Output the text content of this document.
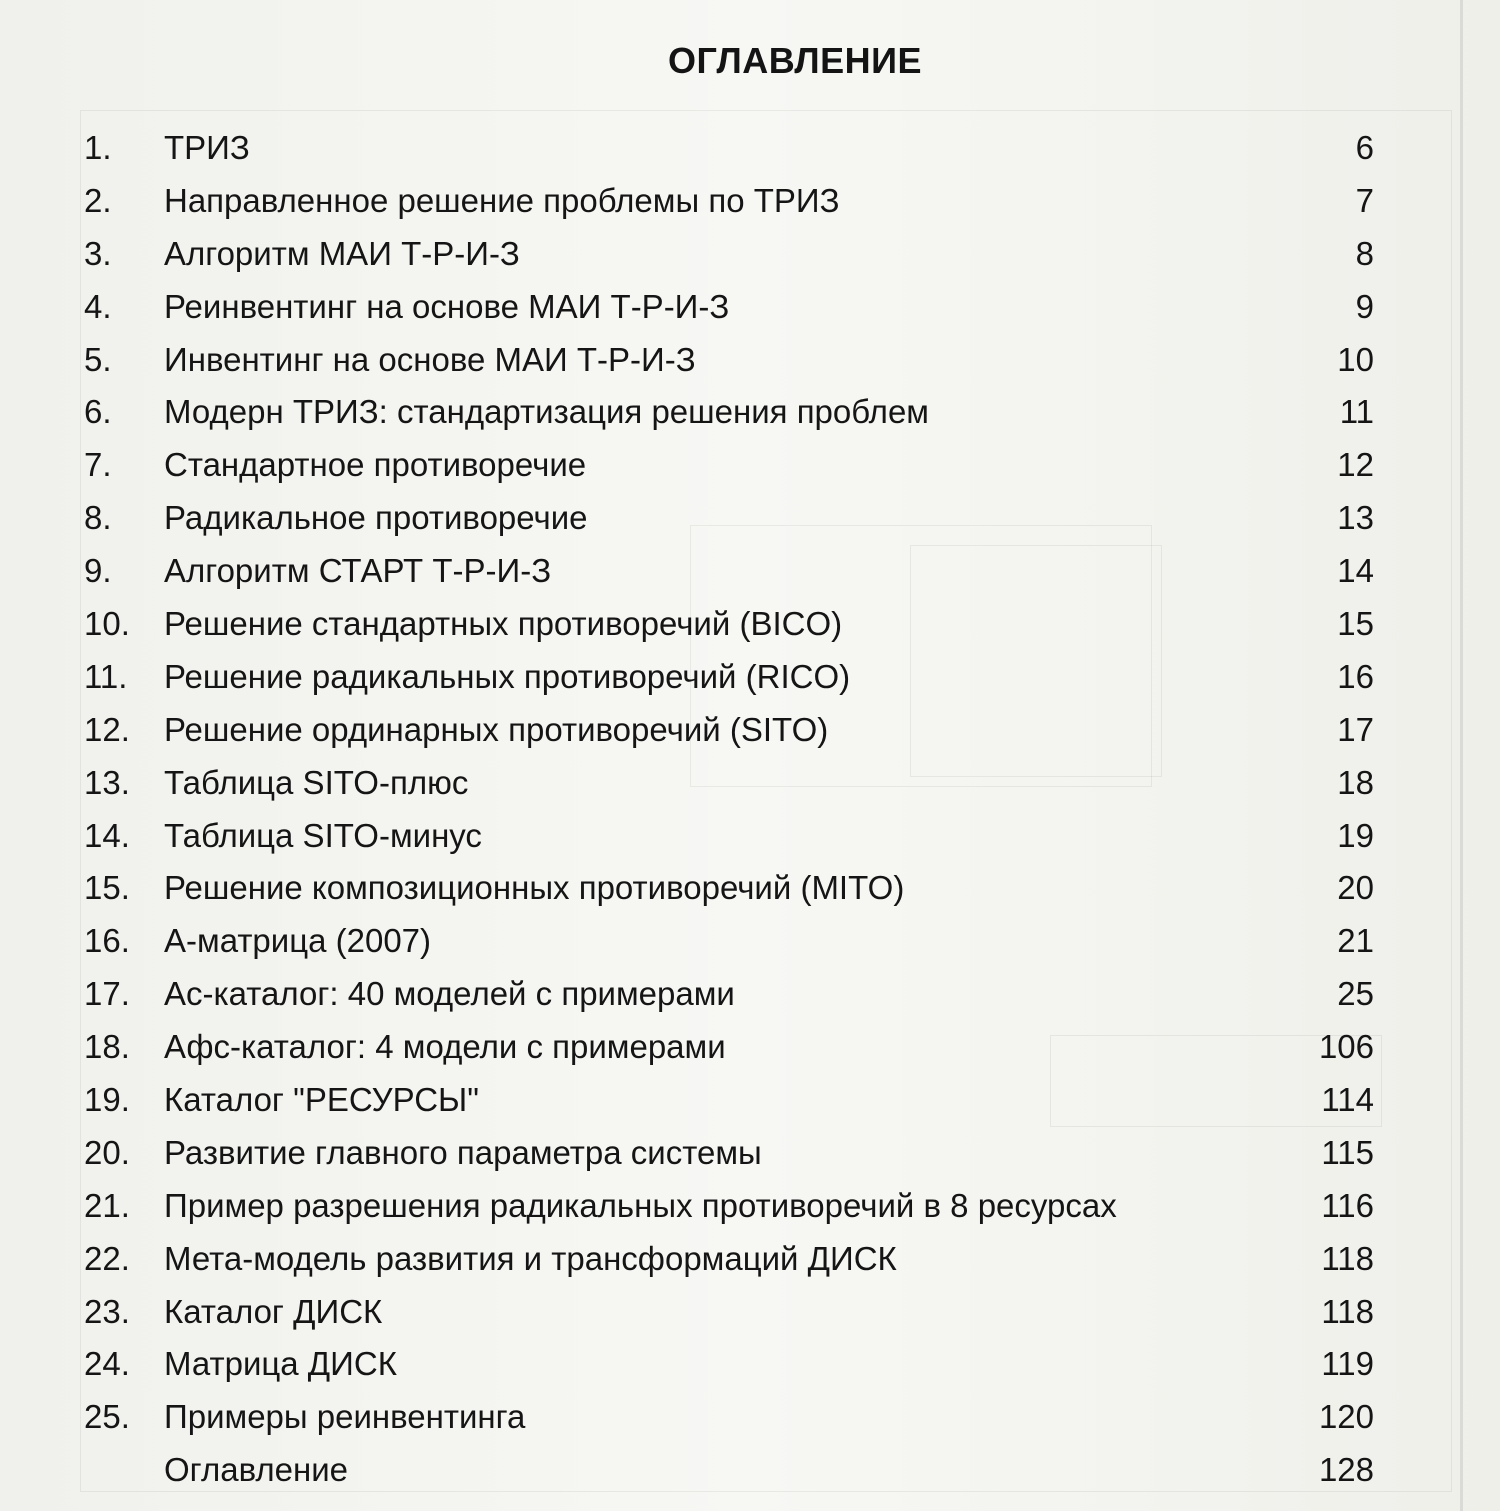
ОГЛАВЛЕНИЕ
1. ТРИЗ	6
2. Направленное решение проблемы по ТРИЗ	7
3. Алгоритм МАИ Т-Р-И-З	8
4. Реинвентинг на основе МАИ Т-Р-И-З	9
5. Инвентинг на основе МАИ Т-Р-И-З	10
6. Модерн ТРИЗ: стандартизация решения проблем	11
7. Стандартное противоречие	12
8. Радикальное противоречие	13
9. Алгоритм СТАРТ Т-Р-И-З	14
10. Решение стандартных противоречий (BICO)	15
11. Решение радикальных противоречий (RICO)	16
12. Решение ординарных противоречий (SITO)	17
13. Таблица SITO-плюс	18
14. Таблица SITO-минус	19
15. Решение композиционных противоречий (MITO)	20
16. А-матрица (2007)	21
17. Ас-каталог: 40 моделей с примерами	25
18. Афс-каталог: 4 модели с примерами	106
19. Каталог "РЕСУРСЫ"	114
20. Развитие главного параметра системы	115
21. Пример разрешения радикальных противоречий в 8 ресурсах	116
22. Мета-модель развития и трансформаций ДИСК	118
23. Каталог ДИСК	118
24. Матрица ДИСК	119
25. Примеры реинвентинга	120
Оглавление	128
